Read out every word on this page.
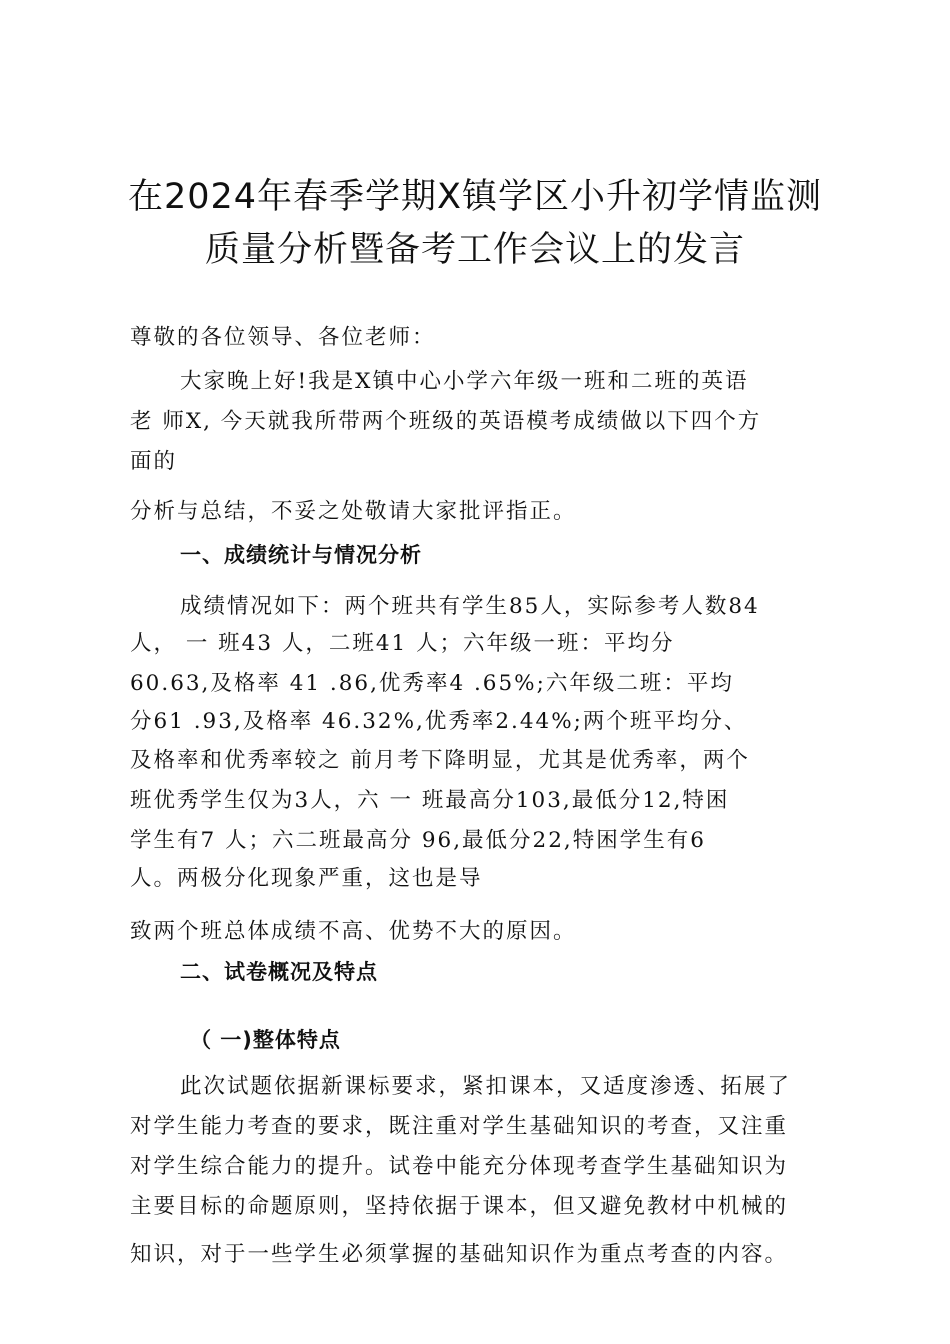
在2024年春季学期X镇学区小升初学情监测
质量分析暨备考工作会议上的发言
尊敬的各位领导、各位老师：
大家晚上好!我是X镇中心小学六年级一班和二班的英语
老 师X, 今天就我所带两个班级的英语模考成绩做以下四个方
面的
分析与总结，不妥之处敬请大家批评指正。
一、成绩统计与情况分析
成绩情况如下：两个班共有学生85人，实际参考人数84
人， 一 班43 人，二班41 人；六年级一班：平均分
60.63,及格率 41 .86,优秀率4 .65%;六年级二班：平均
分61 .93,及格率 46.32%,优秀率2.44%;两个班平均分、
及格率和优秀率较之 前月考下降明显，尤其是优秀率，两个
班优秀学生仅为3人，六 一 班最高分103,最低分12,特困
学生有7 人；六二班最高分 96,最低分22,特困学生有6
人。两极分化现象严重，这也是导
致两个班总体成绩不高、优势不大的原因。
二、试卷概况及特点
（ 一)整体特点
此次试题依据新课标要求，紧扣课本，又适度渗透、拓展了
对学生能力考查的要求，既注重对学生基础知识的考查，又注重
对学生综合能力的提升。试卷中能充分体现考查学生基础知识为
主要目标的命题原则，坚持依据于课本，但又避免教材中机械的
知识，对于一些学生必须掌握的基础知识作为重点考查的内容。
